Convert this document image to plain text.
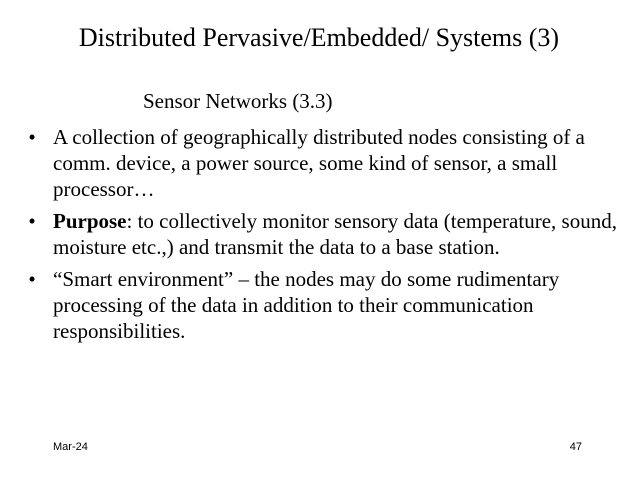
Distributed Pervasive/Embedded/ Systems (3)
Sensor Networks (3.3)
• A collection of geographically distributed nodes consisting of a comm. device, a power source, some kind of sensor, a small processor…
• Purpose: to collectively monitor sensory data (temperature, sound, moisture etc.,) and transmit the data to a base station.
• “Smart environment” – the nodes may do some rudimentary processing of the data in addition to their communication responsibilities.
Mar-24	47
